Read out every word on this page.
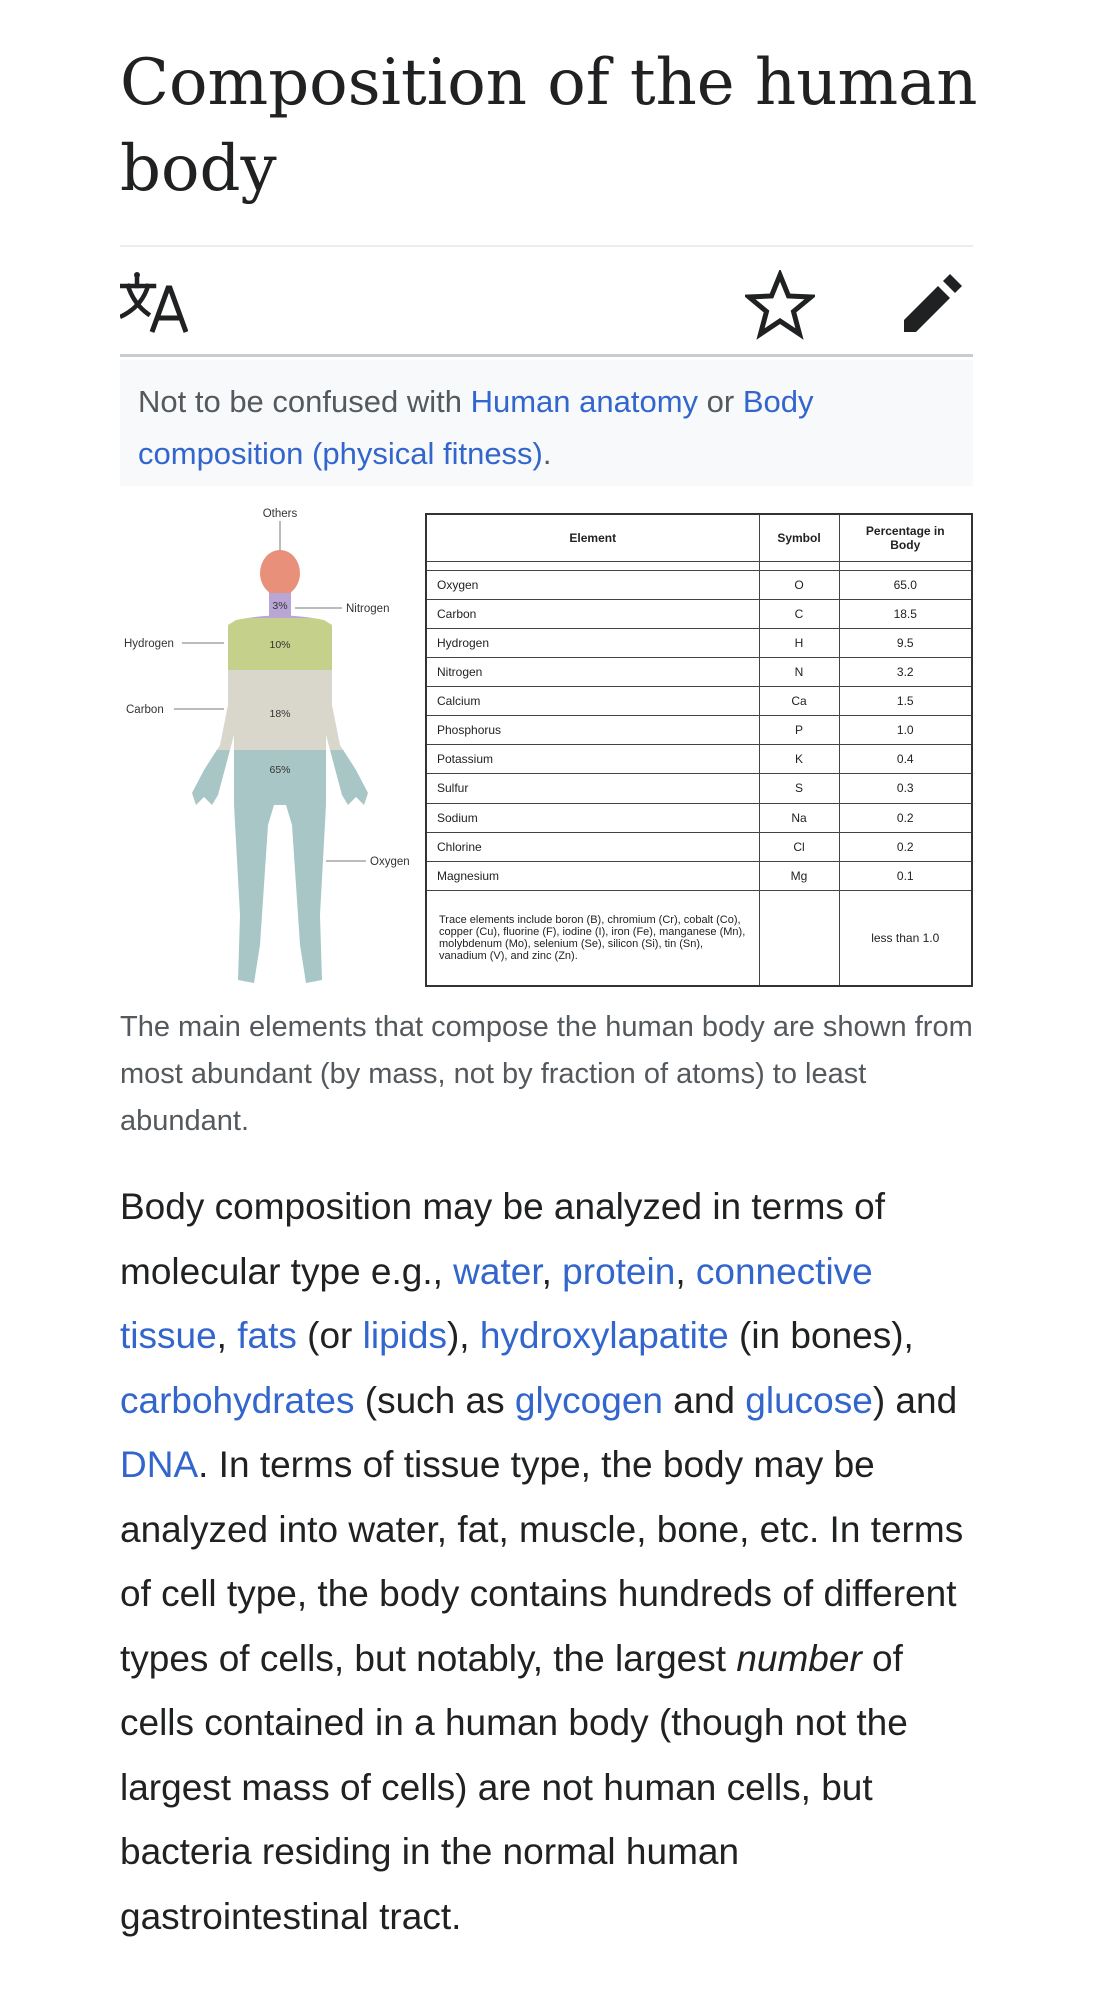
Composition of the human body
Not to be confused with Human anatomy or Body composition (physical fitness).
Others
Nitrogen
Hydrogen
Carbon
Oxygen
3%
10%
18%
65%
Element	Symbol	Percentage in Body

Oxygen	O	65.0
Carbon	C	18.5
Hydrogen	H	9.5
Nitrogen	N	3.2
Calcium	Ca	1.5
Phosphorus	P	1.0
Potassium	K	0.4
Sulfur	S	0.3
Sodium	Na	0.2
Chlorine	Cl	0.2
Magnesium	Mg	0.1
Trace elements include boron (B), chromium (Cr), cobalt (Co), copper (Cu), fluorine (F), iodine (I), iron (Fe), manganese (Mn), molybdenum (Mo), selenium (Se), silicon (Si), tin (Sn), vanadium (V), and zinc (Zn).		less than 1.0

The main elements that compose the human body are shown from most abundant (by mass, not by fraction of atoms) to least abundant.

Body composition may be analyzed in terms of molecular type e.g., water, protein, connective tissue, fats (or lipids), hydroxylapatite (in bones), carbohydrates (such as glycogen and glucose) and DNA. In terms of tissue type, the body may be analyzed into water, fat, muscle, bone, etc. In terms of cell type, the body contains hundreds of different types of cells, but notably, the largest number of cells contained in a human body (though not the largest mass of cells) are not human cells, but bacteria residing in the normal human gastrointestinal tract.
